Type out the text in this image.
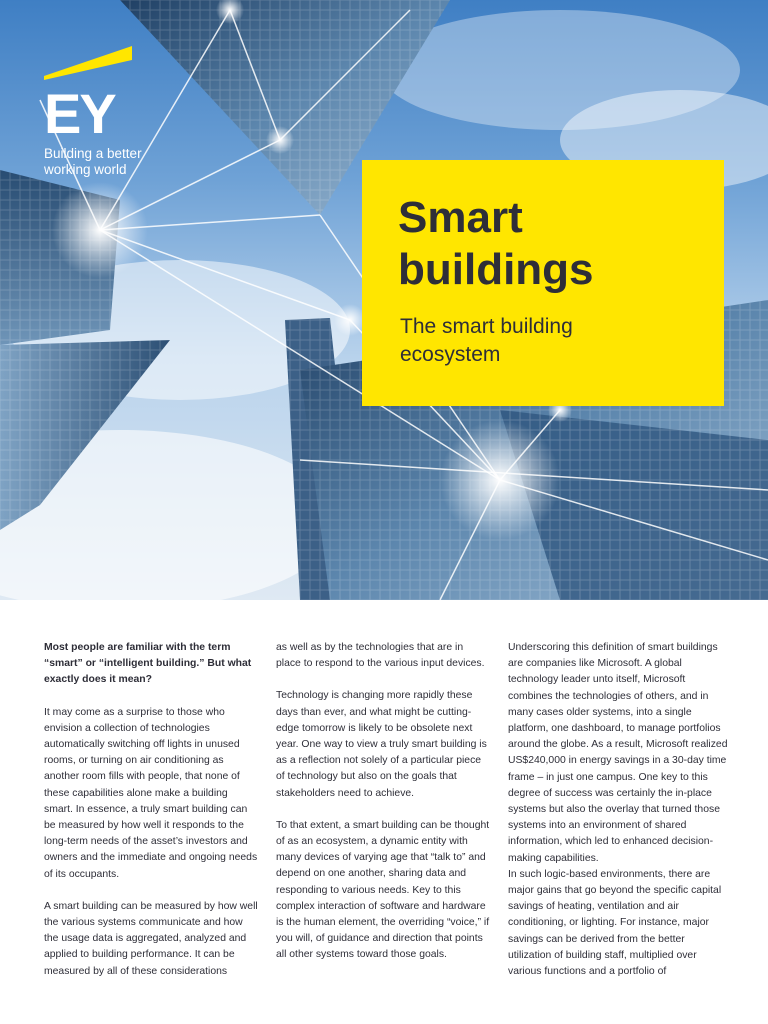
EY
Building a better
working world
Smart
buildings
The smart building
ecosystem

Most people are familiar with the term “smart” or “intelligent building.” But what exactly does it mean?

It may come as a surprise to those who envision a collection of technologies automatically switching off lights in unused rooms, or turning on air conditioning as another room fills with people, that none of these capabilities alone make a building smart. In essence, a truly smart building can be measured by how well it responds to the long-term needs of the asset’s investors and owners and the immediate and ongoing needs of its occupants.

A smart building can be measured by how well the various systems communicate and how the usage data is aggregated, analyzed and applied to building performance. It can be measured by all of these considerations

as well as by the technologies that are in place to respond to the various input devices.

Technology is changing more rapidly these days than ever, and what might be cutting-edge tomorrow is likely to be obsolete next year. One way to view a truly smart building is as a reflection not solely of a particular piece of technology but also on the goals that stakeholders need to achieve.

To that extent, a smart building can be thought of as an ecosystem, a dynamic entity with many devices of varying age that “talk to” and depend on one another, sharing data and responding to various needs. Key to this complex interaction of software and hardware is the human element, the overriding “voice,” if you will, of guidance and direction that points all other systems toward those goals.

Underscoring this definition of smart buildings are companies like Microsoft. A global technology leader unto itself, Microsoft combines the technologies of others, and in many cases older systems, into a single platform, one dashboard, to manage portfolios around the globe. As a result, Microsoft realized US$240,000 in energy savings in a 30-day time frame – in just one campus. One key to this degree of success was certainly the in-place systems but also the overlay that turned those systems into an environment of shared information, which led to enhanced decision-making capabilities.

In such logic-based environments, there are major gains that go beyond the specific capital savings of heating, ventilation and air conditioning, or lighting. For instance, major savings can be derived from the better utilization of building staff, multiplied over various functions and a portfolio of
